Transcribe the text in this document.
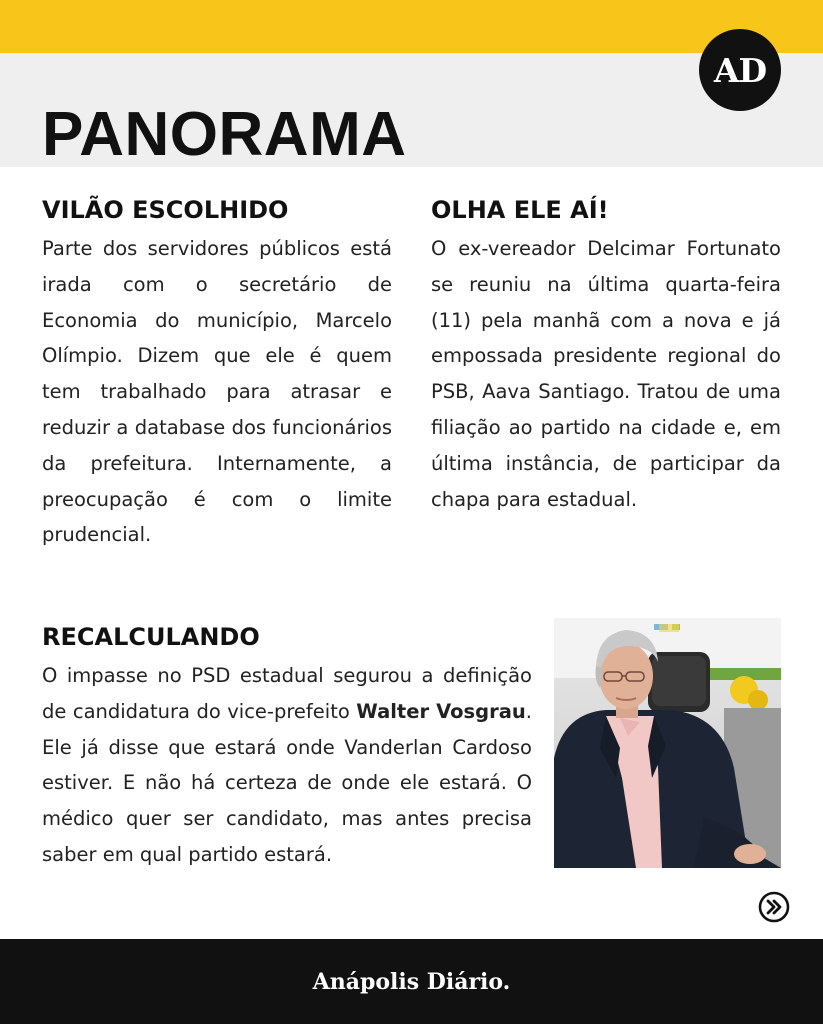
AD
PANORAMA
VILÃO ESCOLHIDO

Parte dos servidores públicos está irada com o secretário de Economia do município, Marcelo Olímpio. Dizem que ele é quem tem trabalhado para atrasar e reduzir a database dos funcionários da prefeitura. Internamente, a preocupação é com o limite prudencial.

OLHA ELE AÍ!

O ex-vereador Delcimar Fortunato se reuniu na última quarta-feira (11) pela manhã com a nova e já empossada presidente regional do PSB, Aava Santiago. Tratou de uma filiação ao partido na cidade e, em última instância, de participar da chapa para estadual.

RECALCULANDO

O impasse no PSD estadual segurou a definição de candidatura do vice-prefeito Walter Vosgrau. Ele já disse que estará onde Vanderlan Cardoso estiver. E não há certeza de onde ele estará. O médico quer ser candidato, mas antes precisa saber em qual partido estará.

Anápolis Diário.
